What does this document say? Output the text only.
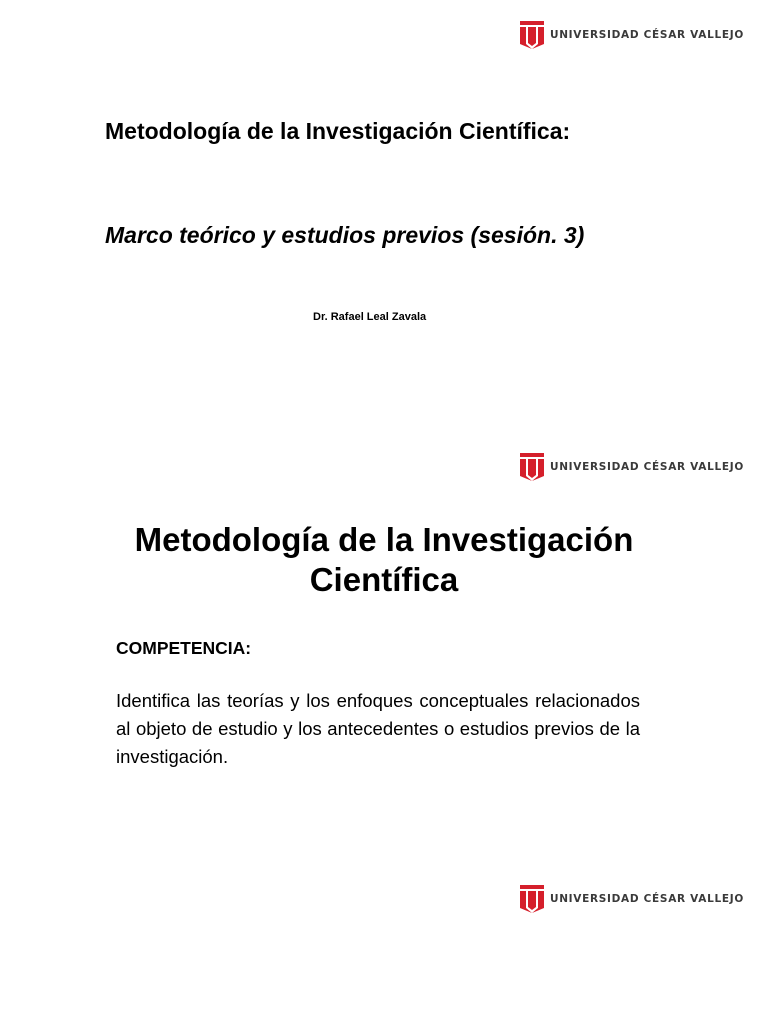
UNIVERSIDAD CÉSAR VALLEJO
Metodología de la Investigación Científica:
Marco teórico y estudios previos (sesión. 3)
Dr. Rafael Leal Zavala
UNIVERSIDAD CÉSAR VALLEJO
Metodología de la Investigación Científica
COMPETENCIA:
Identifica las teorías y los enfoques conceptuales relacionados al objeto de estudio y los antecedentes o estudios previos de la investigación.
UNIVERSIDAD CÉSAR VALLEJO
